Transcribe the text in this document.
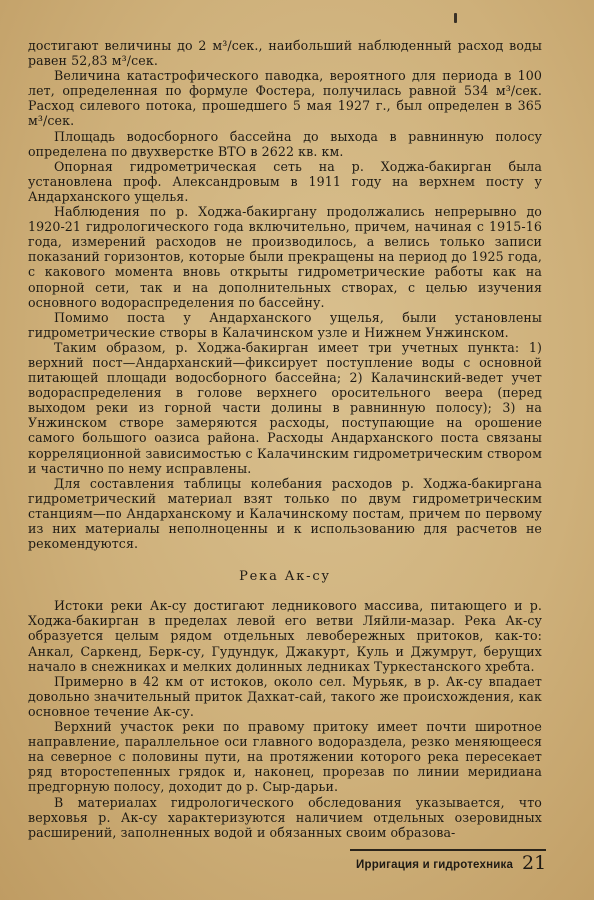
достигают величины до 2 м³/сек., наибольший наблюденный расход воды равен 52,83 м³/сек.

Величина катастрофического паводка, вероятного для периода в 100 лет, определенная по формуле Фостера, получилась равной 534 м³/сек. Расход силевого потока, прошедшего 5 мая 1927 г., был определен в 365 м³/сек.

Площадь водосборного бассейна до выхода в равнинную полосу определена по двухверстке ВТО в 2622 кв. км.

Опорная гидрометрическая сеть на р. Ходжа-бакирган была установлена проф. Александровым в 1911 году на верхнем посту у Андарханского ущелья.

Наблюдения по р. Ходжа-бакиргану продолжались непрерывно до 1920-21 гидрологического года включительно, причем, начиная с 1915-16 года, измерений расходов не производилось, а велись только записи показаний горизонтов, которые были прекращены на период до 1925 года, с какового момента вновь открыты гидрометрические работы как на опорной сети, так и на дополнительных створах, с целью изучения основного водораспределения по бассейну.

Помимо поста у Андарханского ущелья, были установлены гидрометрические створы в Калачинском узле и Нижнем Унжинском.

Таким образом, р. Ходжа-бакирган имеет три учетных пункта: 1) верхний пост—Андарханский—фиксирует поступление воды с основной питающей площади водосборного бассейна; 2) Калачинский-ведет учет водораспределения в голове верхнего оросительного веера (перед выходом реки из горной части долины в равнинную полосу); 3) на Унжинском створе замеряются расходы, поступающие на орошение самого большого оазиса района. Расходы Андарханского поста связаны корреляционной зависимостью с Калачинским гидрометрическим створом и частично по нему исправлены.

Для составления таблицы колебания расходов р. Ходжа-бакиргана гидрометрический материал взят только по двум гидрометрическим станциям—по Андарханскому и Калачинскому постам, причем по первому из них материалы неполноценны и к использованию для расчетов не рекомендуются.

Река Ак-су

Истоки реки Ак-су достигают ледникового массива, питающего и р. Ходжа-бакирган в пределах левой его ветви Ляйли-мазар. Река Ак-су образуется целым рядом отдельных левобережных притоков, как-то: Анкал, Саркенд, Берк-су, Гудундук, Джакурт, Куль и Джумрут, берущих начало в снежниках и мелких долинных ледниках Туркестанского хребта.

Примерно в 42 км от истоков, около сел. Мурьяк, в р. Ак-су впадает довольно значительный приток Дахкат-сай, такого же происхождения, как основное течение Ак-су.

Верхний участок реки по правому притоку имеет почти широтное направление, параллельное оси главного водораздела, резко меняющееся на северное с половины пути, на протяжении которого река пересекает ряд второстепенных грядок и, наконец, прорезав по линии меридиана предгорную полосу, доходит до р. Сыр-дарьи.

В материалах гидрологического обследования указывается, что верховья р. Ак-су характеризуются наличием отдельных озеровидных расширений, заполненных водой и обязанных своим образова-

Ирригация и гидротехника 21
